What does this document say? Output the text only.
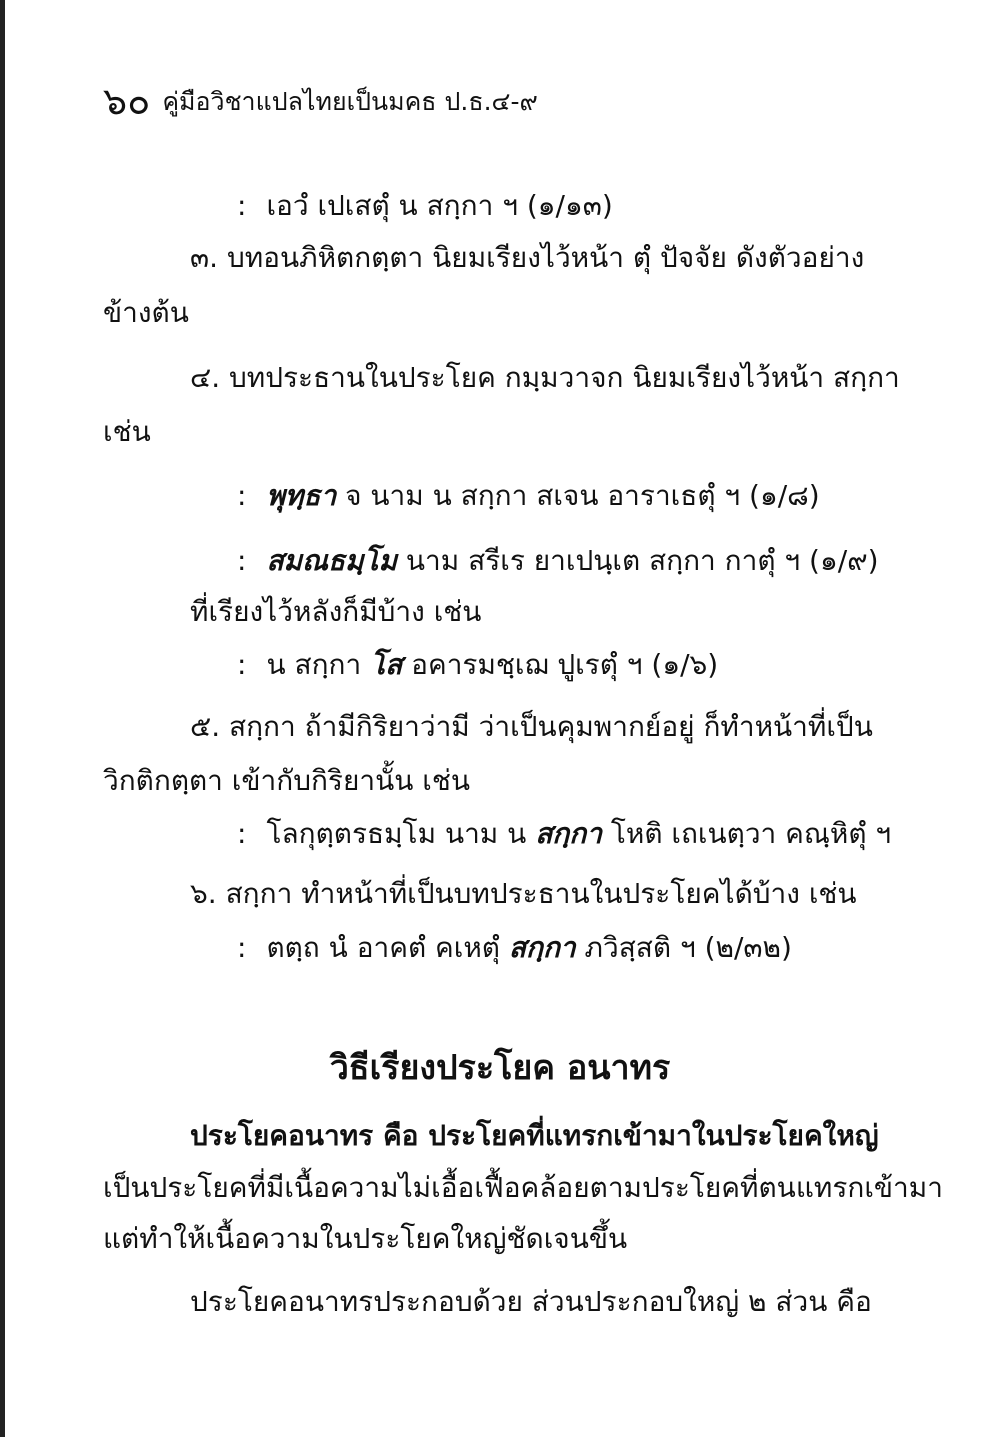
๖๐ คู่มือวิชาแปลไทยเป็นมคธ ป.ธ.๔-๙
: เอวํ เปเสตุํ น สกฺกา ฯ (๑/๑๓)
๓. บทอนภิหิตกตฺตา นิยมเรียงไว้หน้า ตุํ ปัจจัย ดังตัวอย่าง
ข้างต้น
๔. บทประธานในประโยค กมฺมวาจก นิยมเรียงไว้หน้า สกฺกา
เช่น
: พุทฺธา จ นาม น สกฺกา สเจน อาราเธตุํ ฯ (๑/๘)
: สมณธมฺโม นาม สรีเร ยาเปนฺเต สกฺกา กาตุํ ฯ (๑/๙)
ที่เรียงไว้หลังก็มีบ้าง เช่น
: น สกฺกา โส อคารมชฺเฌ ปูเรตุํ ฯ (๑/๖)
๕. สกฺกา ถ้ามีกิริยาว่ามี ว่าเป็นคุมพากย์อยู่ ก็ทำหน้าที่เป็น
วิกติกตฺตา เข้ากับกิริยานั้น เช่น
: โลกุตฺตรธมฺโม นาม น สกฺกา โหติ เถเนตฺวา คณฺหิตุํ ฯ
๖. สกฺกา ทำหน้าที่เป็นบทประธานในประโยคได้บ้าง เช่น
: ตตฺถ นํ อาคตํ คเหตุํ สกฺกา ภวิสฺสติ ฯ (๒/๓๒)
วิธีเรียงประโยค อนาทร
ประโยคอนาทร คือ ประโยคที่แทรกเข้ามาในประโยคใหญ่
เป็นประโยคที่มีเนื้อความไม่เอื้อเฟื้อคล้อยตามประโยคที่ตนแทรกเข้ามา
แต่ทำให้เนื้อความในประโยคใหญ่ชัดเจนขึ้น
ประโยคอนาทรประกอบด้วย ส่วนประกอบใหญ่ ๒ ส่วน คือ
